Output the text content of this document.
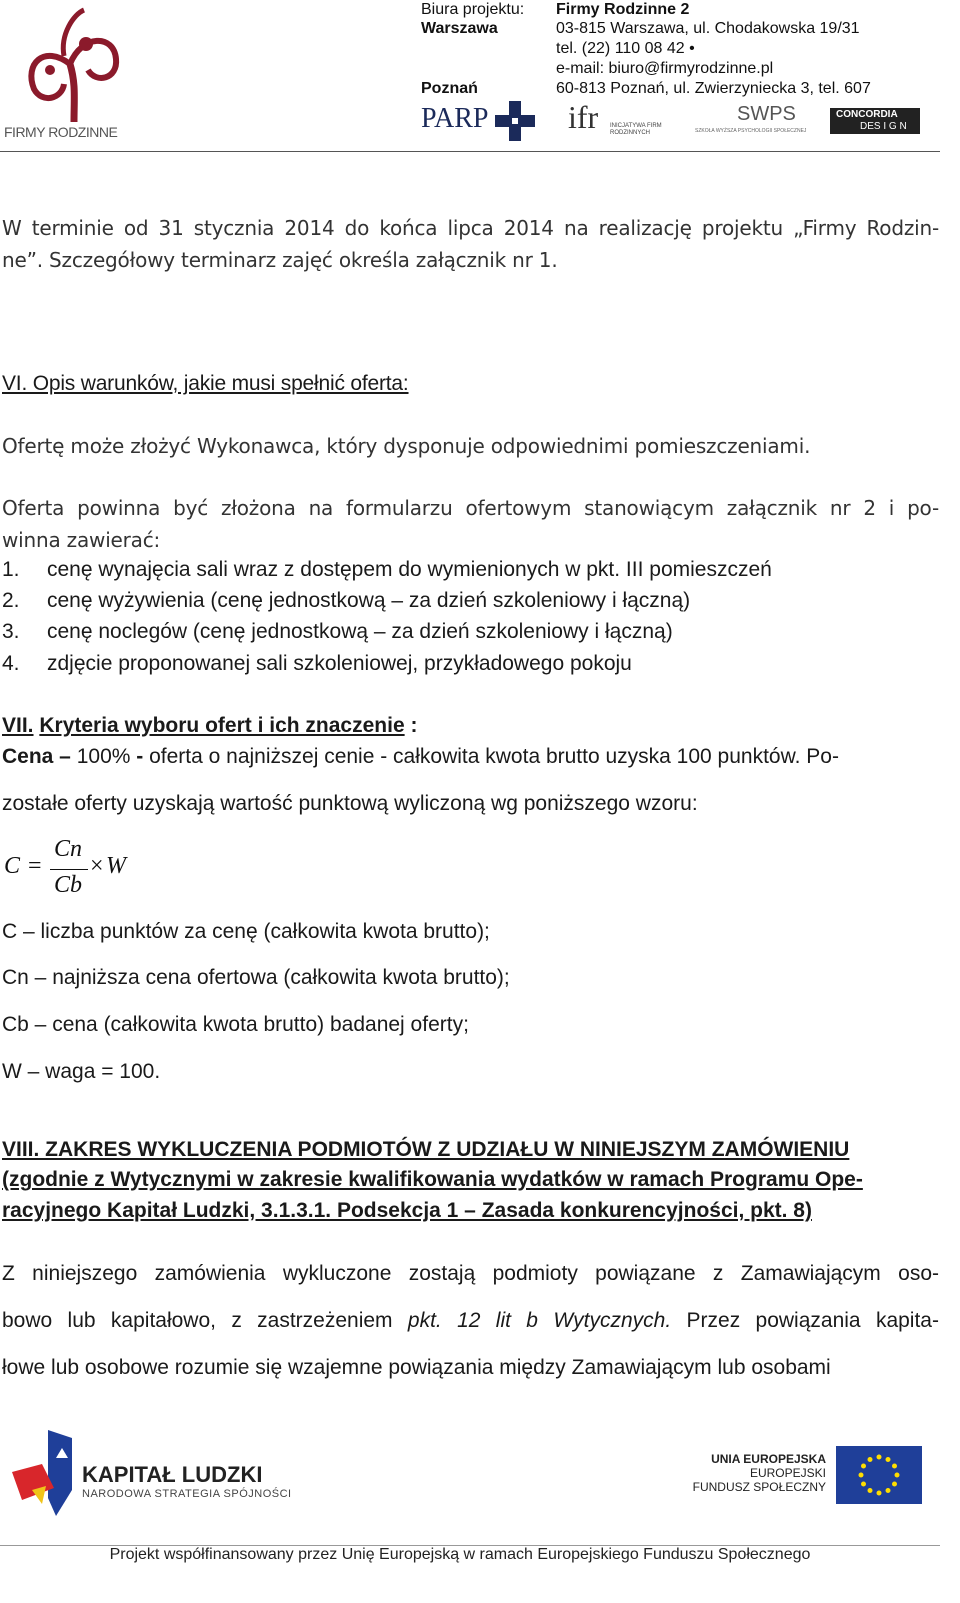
FIRMY RODZINNE
Biura projektu: Firmy Rodzinne 2
Warszawa	03-815 Warszawa, ul. Chodakowska 19/31
tel. (22) 110 08 42 •
e-mail: biuro@firmyrodzinne.pl
Poznań	60-813 Poznań, ul. Zwierzyniecka 3, tel. 607
PARP ifr INICJATYWA FIRM RODZINNYCH
SWPS
SZKOŁA WYŻSZA PSYCHOLOGII SPOŁECZNEJ
CONCORDIA
DES I G N
W terminie od 31 stycznia 2014 do końca lipca 2014 na realizację projektu „Firmy Rodzin-
ne”. Szczegółowy terminarz zajęć określa załącznik nr 1.
VI. Opis warunków, jakie musi spełnić oferta:
Ofertę może złożyć Wykonawca, który dysponuje odpowiednimi pomieszczeniami.
Oferta powinna być złożona na formularzu ofertowym stanowiącym załącznik nr 2 i po-
winna zawierać:
1. cenę wynajęcia sali wraz z dostępem do wymienionych w pkt. III pomieszczeń
2. cenę wyżywienia (cenę jednostkową – za dzień szkoleniowy i łączną)
3. cenę noclegów (cenę jednostkową – za dzień szkoleniowy i łączną)
4. zdjęcie proponowanej sali szkoleniowej, przykładowego pokoju
VII. Kryteria wyboru ofert i ich znaczenie :
Cena – 100% - oferta o najniższej cenie - całkowita kwota brutto uzyska 100 punktów. Po-
zostałe oferty uzyskają wartość punktową wyliczoną wg poniższego wzoru:
C =
Cn
Cb
× W
C – liczba punktów za cenę (całkowita kwota brutto);
Cn – najniższa cena ofertowa (całkowita kwota brutto);
Cb – cena (całkowita kwota brutto) badanej oferty;
W – waga = 100.
VIII. ZAKRES WYKLUCZENIA PODMIOTÓW Z UDZIAŁU W NINIEJSZYM ZAMÓWIENIU
(zgodnie z Wytycznymi w zakresie kwalifikowania wydatków w ramach Programu Ope-
racyjnego Kapitał Ludzki, 3.1.3.1. Podsekcja 1 – Zasada konkurencyjności, pkt. 8)
Z niniejszego zamówienia wykluczone zostają podmioty powiązane z Zamawiającym oso-
bowo lub kapitałowo, z zastrzeżeniem pkt. 12 lit b Wytycznych. Przez powiązania kapita-
łowe lub osobowe rozumie się wzajemne powiązania między Zamawiającym lub osobami
KAPITAŁ LUDZKI
NARODOWA STRATEGIA SPÓJNOŚCI
UNIA EUROPEJSKA
EUROPEJSKI
FUNDUSZ SPOŁECZNY
Projekt współfinansowany przez Unię Europejską w ramach Europejskiego Funduszu Społecznego
